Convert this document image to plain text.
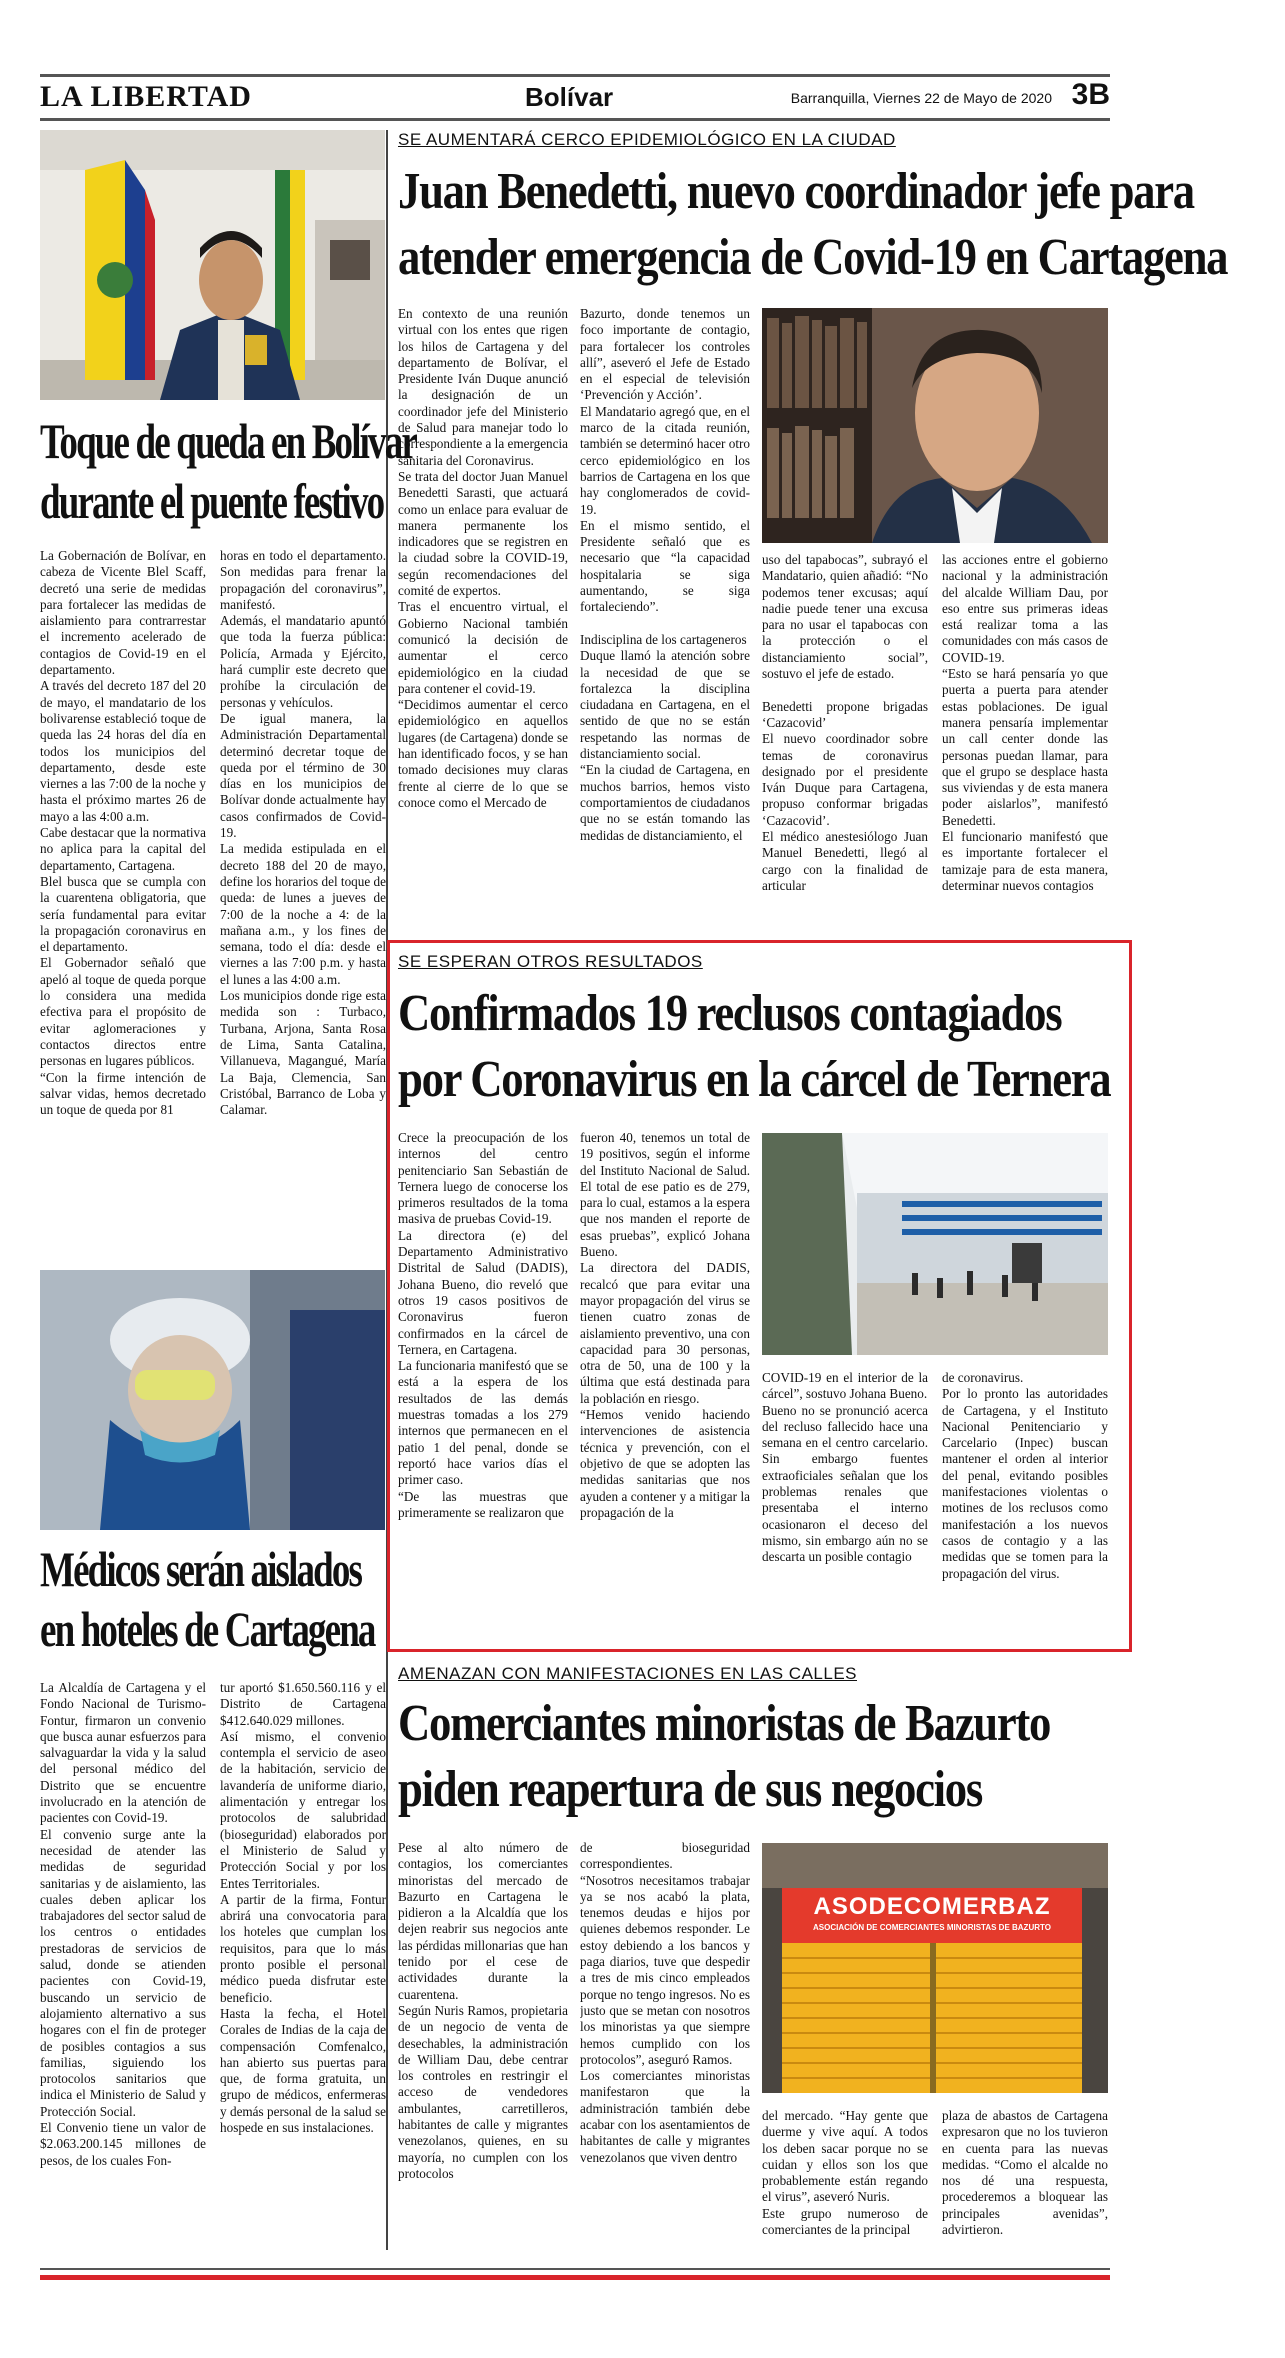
LA LIBERTAD	Bolívar	Barranquilla, Viernes 22 de Mayo de 2020 3B
Toque de queda en Bolívar
durante el puente festivo
La Gobernación de Bolívar, en cabeza de Vicente Blel Scaff, decretó una serie de medidas para fortalecer las medidas de aislamiento para contrarrestar el incremento acelerado de contagios de Covid-19 en el departamento.
A través del decreto 187 del 20 de mayo, el mandatario de los bolivarense estableció toque de queda las 24 horas del día en todos los municipios del departamento, desde este viernes a las 7:00 de la noche y hasta el próximo martes 26 de mayo a las 4:00 a.m.
Cabe destacar que la normativa no aplica para la capital del departamento, Cartagena.
Blel busca que se cumpla con la cuarentena obligatoria, que sería fundamental para evitar la propagación coronavirus en el departamento.
El Gobernador señaló que apeló al toque de queda porque lo considera una medida efectiva para el propósito de evitar aglomeraciones y contactos directos entre personas en lugares públicos.
“Con la firme intención de salvar vidas, hemos decretado un toque de queda por 81
horas en todo el departamento. Son medidas para frenar la propagación del coronavirus”, manifestó.
Además, el mandatario apuntó que toda la fuerza pública: Policía, Armada y Ejército, hará cumplir este decreto que prohíbe la circulación de personas y vehículos.
De igual manera, la Administración Departamental determinó decretar toque de queda por el término de 30 días en los municipios de Bolívar donde actualmente hay casos confirmados de Covid-19.
La medida estipulada en el decreto 188 del 20 de mayo, define los horarios del toque de queda: de lunes a jueves de 7:00 de la noche a 4: de la mañana a.m., y los fines de semana, todo el día: desde el viernes a las 7:00 p.m. y hasta el lunes a las 4:00 a.m.
Los municipios donde rige esta medida son : Turbaco, Turbana, Arjona, Santa Rosa de Lima, Santa Catalina, Villanueva, Magangué, María La Baja, Clemencia, San Cristóbal, Barranco de Loba y Calamar.
Médicos serán aislados
en hoteles de Cartagena
La Alcaldía de Cartagena y el Fondo Nacional de Turismo-Fontur, firmaron un convenio que busca aunar esfuerzos para salvaguardar la vida y la salud del personal médico del Distrito que se encuentre involucrado en la atención de pacientes con Covid-19.
El convenio surge ante la necesidad de atender las medidas de seguridad sanitarias y de aislamiento, las cuales deben aplicar los trabajadores del sector salud de los centros o entidades prestadoras de servicios de salud, donde se atienden pacientes con Covid-19, buscando un servicio de alojamiento alternativo a sus hogares con el fin de proteger de posibles contagios a sus familias, siguiendo los protocolos sanitarios que indica el Ministerio de Salud y Protección Social.
El Convenio tiene un valor de $2.063.200.145 millones de pesos, de los cuales Fon-
tur aportó $1.650.560.116 y el Distrito de Cartagena $412.640.029 millones.
Así mismo, el convenio contempla el servicio de aseo de la habitación, servicio de lavandería de uniforme diario, alimentación y entregar los protocolos de salubridad (bioseguridad) elaborados por el Ministerio de Salud y Protección Social y por los Entes Territoriales.
A partir de la firma, Fontur abrirá una convocatoria para los hoteles que cumplan los requisitos, para que lo más pronto posible el personal médico pueda disfrutar este beneficio.
Hasta la fecha, el Hotel Corales de Indias de la caja de compensación Comfenalco, han abierto sus puertas para que, de forma gratuita, un grupo de médicos, enfermeras y demás personal de la salud se hospede en sus instalaciones.
SE AUMENTARÁ CERCO EPIDEMIOLÓGICO EN LA CIUDAD
Juan Benedetti, nuevo coordinador jefe para
atender emergencia de Covid-19 en Cartagena
En contexto de una reunión virtual con los entes que rigen los hilos de Cartagena y del departamento de Bolívar, el Presidente Iván Duque anunció la designación de un coordinador jefe del Ministerio de Salud para manejar todo lo correspondiente a la emergencia sanitaria del Coronavirus.
Se trata del doctor Juan Manuel Benedetti Sarasti, que actuará como un enlace para evaluar de manera permanente los indicadores que se registren en la ciudad sobre la COVID-19, según recomendaciones del comité de expertos.
Tras el encuentro virtual, el Gobierno Nacional también comunicó la decisión de aumentar el cerco epidemiológico en la ciudad para contener el covid-19.
“Decidimos aumentar el cerco epidemiológico en aquellos lugares (de Cartagena) donde se han identificado focos, y se han tomado decisiones muy claras frente al cierre de lo que se conoce como el Mercado de
Bazurto, donde tenemos un foco importante de contagio, para fortalecer los controles allí”, aseveró el Jefe de Estado en el especial de televisión ‘Prevención y Acción’.
El Mandatario agregó que, en el marco de la citada reunión, también se determinó hacer otro cerco epidemiológico en los barrios de Cartagena en los que hay conglomerados de covid-19.
En el mismo sentido, el Presidente señaló que es necesario que “la capacidad hospitalaria se siga aumentando, se siga fortaleciendo”.

Indisciplina de los cartageneros
Duque llamó la atención sobre la necesidad de que se fortalezca la disciplina ciudadana en Cartagena, en el sentido de que no se están respetando las normas de distanciamiento social.
“En la ciudad de Cartagena, en muchos barrios, hemos visto comportamientos de ciudadanos que no se están tomando las medidas de distanciamiento, el
uso del tapabocas”, subrayó el Mandatario, quien añadió: “No podemos tener excusas; aquí nadie puede tener una excusa para no usar el tapabocas con la protección o el distanciamiento social”, sostuvo el jefe de estado.

Benedetti propone brigadas ‘Cazacovid’
El nuevo coordinador sobre temas de coronavirus designado por el presidente Iván Duque para Cartagena, propuso conformar brigadas ‘Cazacovid’.
El médico anestesiólogo Juan Manuel Benedetti, llegó al cargo con la finalidad de articular
las acciones entre el gobierno nacional y la administración del alcalde William Dau, por eso entre sus primeras ideas está realizar toma a las comunidades con más casos de COVID-19.
“Esto se hará pensaría yo que puerta a puerta para atender estas poblaciones. De igual manera pensaría implementar un call center donde las personas puedan llamar, para que el grupo se desplace hasta sus viviendas y de esta manera poder aislarlos”, manifestó Benedetti.
El funcionario manifestó que es importante fortalecer el tamizaje para de esta manera, determinar nuevos contagios
SE ESPERAN OTROS RESULTADOS
Confirmados 19 reclusos contagiados
por Coronavirus en la cárcel de Ternera
Crece la preocupación de los internos del centro penitenciario San Sebastián de Ternera luego de conocerse los primeros resultados de la toma masiva de pruebas Covid-19.
La directora (e) del Departamento Administrativo Distrital de Salud (DADIS), Johana Bueno, dio reveló que otros 19 casos positivos de Coronavirus fueron confirmados en la cárcel de Ternera, en Cartagena.
La funcionaria manifestó que se está a la espera de los resultados de las demás muestras tomadas a los 279 internos que permanecen en el patio 1 del penal, donde se reportó hace varios días el primer caso.
“De las muestras que primeramente se realizaron que
fueron 40, tenemos un total de 19 positivos, según el informe del Instituto Nacional de Salud. El total de ese patio es de 279, para lo cual, estamos a la espera que nos manden el reporte de esas pruebas”, explicó Johana Bueno.
La directora del DADIS, recalcó que para evitar una mayor propagación del virus se tienen cuatro zonas de aislamiento preventivo, una con capacidad para 30 personas, otra de 50, una de 100 y la última que está destinada para la población en riesgo.
“Hemos venido haciendo intervenciones de asistencia técnica y prevención, con el objetivo de que se adopten las medidas sanitarias que nos ayuden a contener y a mitigar la propagación de la
COVID-19 en el interior de la cárcel”, sostuvo Johana Bueno.
Bueno no se pronunció acerca del recluso fallecido hace una semana en el centro carcelario. Sin embargo fuentes extraoficiales señalan que los problemas renales que presentaba el interno ocasionaron el deceso del mismo, sin embargo aún no se descarta un posible contagio
de coronavirus.
Por lo pronto las autoridades de Cartagena, y el Instituto Nacional Penitenciario y Carcelario (Inpec) buscan mantener el orden al interior del penal, evitando posibles manifestaciones violentas o motines de los reclusos como manifestación a los nuevos casos de contagio y a las medidas que se tomen para la propagación del virus.
AMENAZAN CON MANIFESTACIONES EN LAS CALLES
Comerciantes minoristas de Bazurto
piden reapertura de sus negocios
Pese al alto número de contagios, los comerciantes minoristas del mercado de Bazurto en Cartagena le pidieron a la Alcaldía que los dejen reabrir sus negocios ante las pérdidas millonarias que han tenido por el cese de actividades durante la cuarentena.
Según Nuris Ramos, propietaria de un negocio de venta de desechables, la administración de William Dau, debe centrar los controles en restringir el acceso de vendedores ambulantes, carretilleros, habitantes de calle y migrantes venezolanos, quienes, en su mayoría, no cumplen con los protocolos
de bioseguridad correspondientes.
“Nosotros necesitamos trabajar ya se nos acabó la plata, tenemos deudas e hijos por quienes debemos responder. Le estoy debiendo a los bancos y paga diarios, tuve que despedir a tres de mis cinco empleados porque no tengo ingresos. No es justo que se metan con nosotros los minoristas ya que siempre hemos cumplido con los protocolos”, aseguró Ramos.
Los comerciantes minoristas manifestaron que la administración también debe acabar con los asentamientos de habitantes de calle y migrantes venezolanos que viven dentro
ASODECOMERBAZ
ASOCIACIÓN DE COMERCIANTES MINORISTAS DE BAZURTO
del mercado. “Hay gente que duerme y vive aquí. A todos los deben sacar porque no se cuidan y ellos son los que probablemente están regando el virus”, aseveró Nuris.
Este grupo numeroso de comerciantes de la principal
plaza de abastos de Cartagena expresaron que no los tuvieron en cuenta para las nuevas medidas. “Como el alcalde no nos dé una respuesta, procederemos a bloquear las principales avenidas”, advirtieron.
